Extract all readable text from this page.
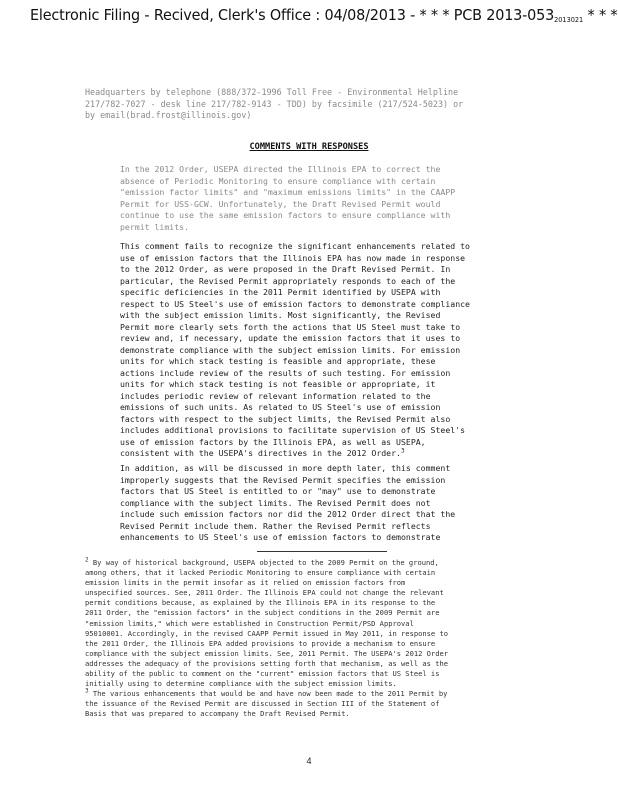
Electronic Filing - Recived, Clerk's Office : 04/08/2013 - * * * PCB 2013-0532013021 * * *
Headquarters by telephone (888/372-1996 Toll Free - Environmental Helpline
217/782-7027 - desk line 217/782-9143 - TDD) by facsimile (217/524-5023) or
by email(brad.frost@illinois.gov)
COMMENTS WITH RESPONSES
In the 2012 Order, USEPA directed the Illinois EPA to correct the
absence of Periodic Monitoring to ensure compliance with certain
"emission factor limits" and "maximum emissions limits" in the CAAPP
Permit for USS-GCW. Unfortunately, the Draft Revised Permit would
continue to use the same emission factors to ensure compliance with
permit limits.
This comment fails to recognize the significant enhancements related to
use of emission factors that the Illinois EPA has now made in response
to the 2012 Order, as were proposed in the Draft Revised Permit. In
particular, the Revised Permit appropriately responds to each of the
specific deficiencies in the 2011 Permit identified by USEPA with
respect to US Steel's use of emission factors to demonstrate compliance
with the subject emission limits. Most significantly, the Revised
Permit more clearly sets forth the actions that US Steel must take to
review and, if necessary, update the emission factors that it uses to
demonstrate compliance with the subject emission limits. For emission
units for which stack testing is feasible and appropriate, these
actions include review of the results of such testing. For emission
units for which stack testing is not feasible or appropriate, it
includes periodic review of relevant information related to the
emissions of such units. As related to US Steel's use of emission
factors with respect to the subject limits, the Revised Permit also
includes additional provisions to facilitate supervision of US Steel's
use of emission factors by the Illinois EPA, as well as USEPA,
consistent with the USEPA's directives in the 2012 Order.$^3$
In addition, as will be discussed in more depth later, this comment
improperly suggests that the Revised Permit specifies the emission
factors that US Steel is entitled to or "may" use to demonstrate
compliance with the subject limits. The Revised Permit does not
include such emission factors nor did the 2012 Order direct that the
Revised Permit include them. Rather the Revised Permit reflects
enhancements to US Steel's use of emission factors to demonstrate
$^2$ By way of historical background, USEPA objected to the 2009 Permit on the ground,
among others, that it lacked Periodic Monitoring to ensure compliance with certain
emission limits in the permit insofar as it relied on emission factors from
unspecified sources. See, 2011 Order. The Illinois EPA could not change the relevant
permit conditions because, as explained by the Illinois EPA in its response to the
2011 Order, the "emission factors" in the subject conditions in the 2009 Permit are
"emission limits," which were established in Construction Permit/PSD Approval
95010001. Accordingly, in the revised CAAPP Permit issued in May 2011, in response to
the 2011 Order, the Illinois EPA added provisions to provide a mechanism to ensure
compliance with the subject emission limits. See, 2011 Permit. The USEPA's 2012 Order
addresses the adequacy of the provisions setting forth that mechanism, as well as the
ability of the public to comment on the "current" emission factors that US Steel is
initially using to determine compliance with the subject emission limits.
$^3$ The various enhancements that would be and have now been made to the 2011 Permit by
the issuance of the Revised Permit are discussed in Section III of the Statement of
Basis that was prepared to accompany the Draft Revised Permit.
4
